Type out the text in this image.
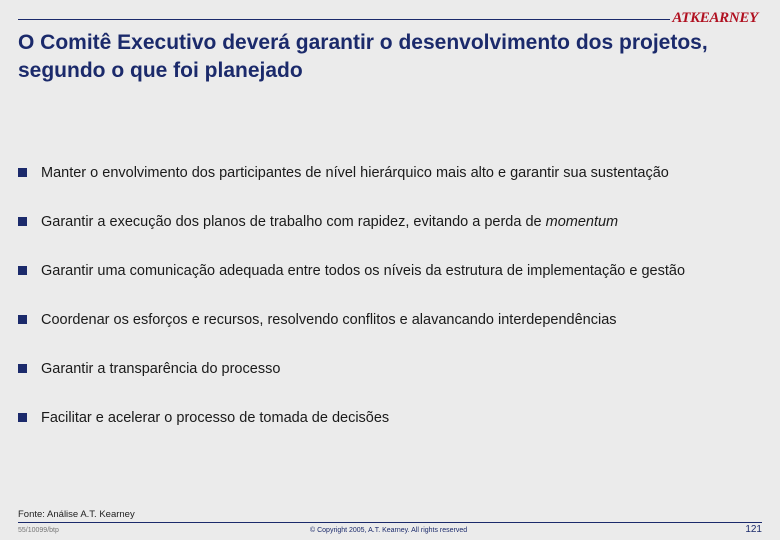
ATKEARNEY
O Comitê Executivo deverá garantir o desenvolvimento dos projetos, segundo o que foi planejado
Manter o envolvimento dos participantes de nível hierárquico mais alto e garantir sua sustentação
Garantir a execução dos planos de trabalho com rapidez, evitando a perda de momentum
Garantir uma comunicação adequada entre todos os níveis da estrutura de implementação e gestão
Coordenar os esforços e recursos, resolvendo conflitos e alavancando interdependências
Garantir a transparência do processo
Facilitar e acelerar o processo de tomada de decisões
Fonte: Análise A.T. Kearney
55/10099/btp	© Copyright 2005, A.T. Kearney. All rights reserved	121
